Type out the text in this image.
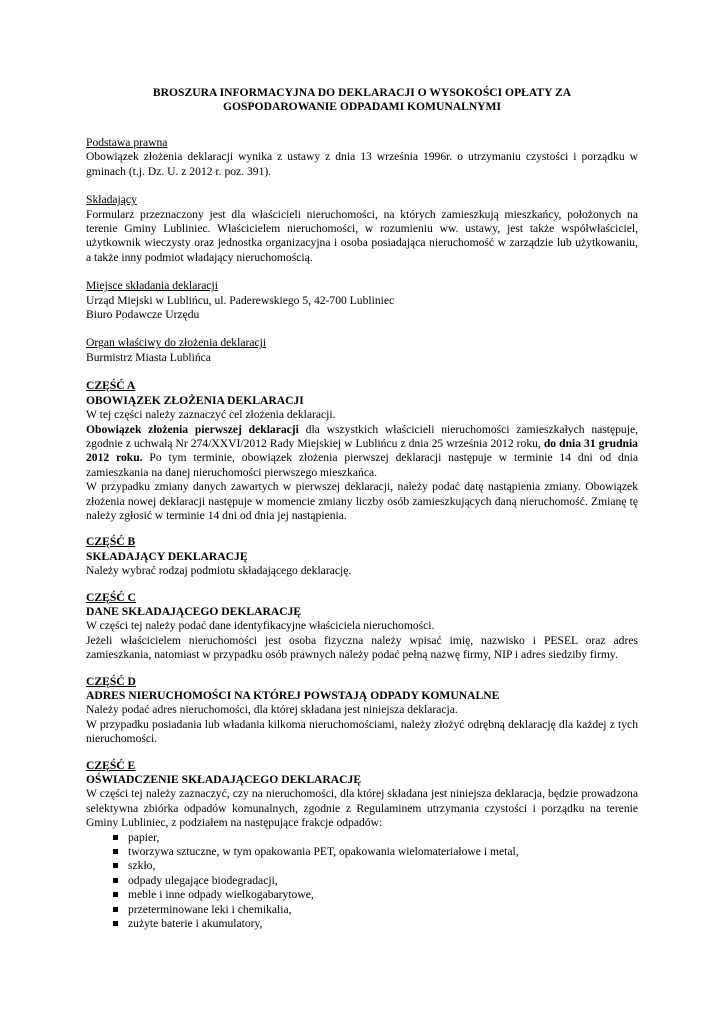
BROSZURA INFORMACYJNA DO DEKLARACJI O WYSOKOŚCI OPŁATY ZA
GOSPODAROWANIE ODPADAMI KOMUNALNYMI
Podstawa prawna

Obowiązek złożenia deklaracji wynika z ustawy z dnia 13 września 1996r. o utrzymaniu czystości i porządku w gminach (t.j. Dz. U. z 2012 r. poz. 391).

Składający

Formularz przeznaczony jest dla właścicieli nieruchomości, na których zamieszkują mieszkańcy, położonych na terenie Gminy Lubliniec. Właścicielem nieruchomości, w rozumieniu ww. ustawy, jest także współwłaściciel, użytkownik wieczysty oraz jednostka organizacyjna i osoba posiadająca nieruchomość w zarządzie lub użytkowaniu, a także inny podmiot władający nieruchomością.

Miejsce składania deklaracji
Urząd Miejski w Lublińcu, ul. Paderewskiego 5, 42-700 Lubliniec
Biuro Podawcze Urzędu
Organ właściwy do złożenia deklaracji
Burmistrz Miasta Lublińca
CZĘŚĆ A
OBOWIĄZEK ZŁOŻENIA DEKLARACJI

W tej części należy zaznaczyć cel złożenia deklaracji.

Obowiązek złożenia pierwszej deklaracji dla wszystkich właścicieli nieruchomości zamieszkałych następuje, zgodnie z uchwałą Nr 274/XXVI/2012 Rady Miejskiej w Lublińcu z dnia 25 września 2012 roku, do dnia 31 grudnia 2012 roku. Po tym terminie, obowiązek złożenia pierwszej deklaracji następuje w terminie 14 dni od dnia zamieszkania na danej nieruchomości pierwszego mieszkańca.

W przypadku zmiany danych zawartych w pierwszej deklaracji, należy podać datę nastąpienia zmiany. Obowiązek złożenia nowej deklaracji następuje w momencie zmiany liczby osób zamieszkujących daną nieruchomość. Zmianę tę należy zgłosić w terminie 14 dni od dnia jej nastąpienia.

CZĘŚĆ B
SKŁADAJĄCY DEKLARACJĘ

Należy wybrać rodzaj podmiotu składającego deklarację.

CZĘŚĆ C
DANE SKŁADAJĄCEGO DEKLARACJĘ

W części tej należy podać dane identyfikacyjne właściciela nieruchomości.

Jeżeli właścicielem nieruchomości jest osoba fizyczna należy wpisać imię, nazwisko i PESEL oraz adres zamieszkania, natomiast w przypadku osób prawnych należy podać pełną nazwę firmy, NIP i adres siedziby firmy.

CZĘŚĆ D
ADRES NIERUCHOMOŚCI NA KTÓREJ POWSTAJĄ ODPADY KOMUNALNE

Należy podać adres nieruchomości, dla której składana jest niniejsza deklaracja.

W przypadku posiadania lub władania kilkoma nieruchomościami, należy złożyć odrębną deklarację dla każdej z tych nieruchomości.

CZĘŚĆ E
OŚWIADCZENIE SKŁADAJĄCEGO DEKLARACJĘ

W części tej należy zaznaczyć, czy na nieruchomości, dla której składana jest niniejsza deklaracja, będzie prowadzona selektywna zbiórka odpadów komunalnych, zgodnie z Regulaminem utrzymania czystości i porządku na terenie Gminy Lubliniec, z podziałem na następujące frakcje odpadów:

papier,
tworzywa sztuczne, w tym opakowania PET, opakowania wielomateriałowe i metal,
szkło,
odpady ulegające biodegradacji,
meble i inne odpady wielkogabarytowe,
przeterminowane leki i chemikalia,
zużyte baterie i akumulatory,
